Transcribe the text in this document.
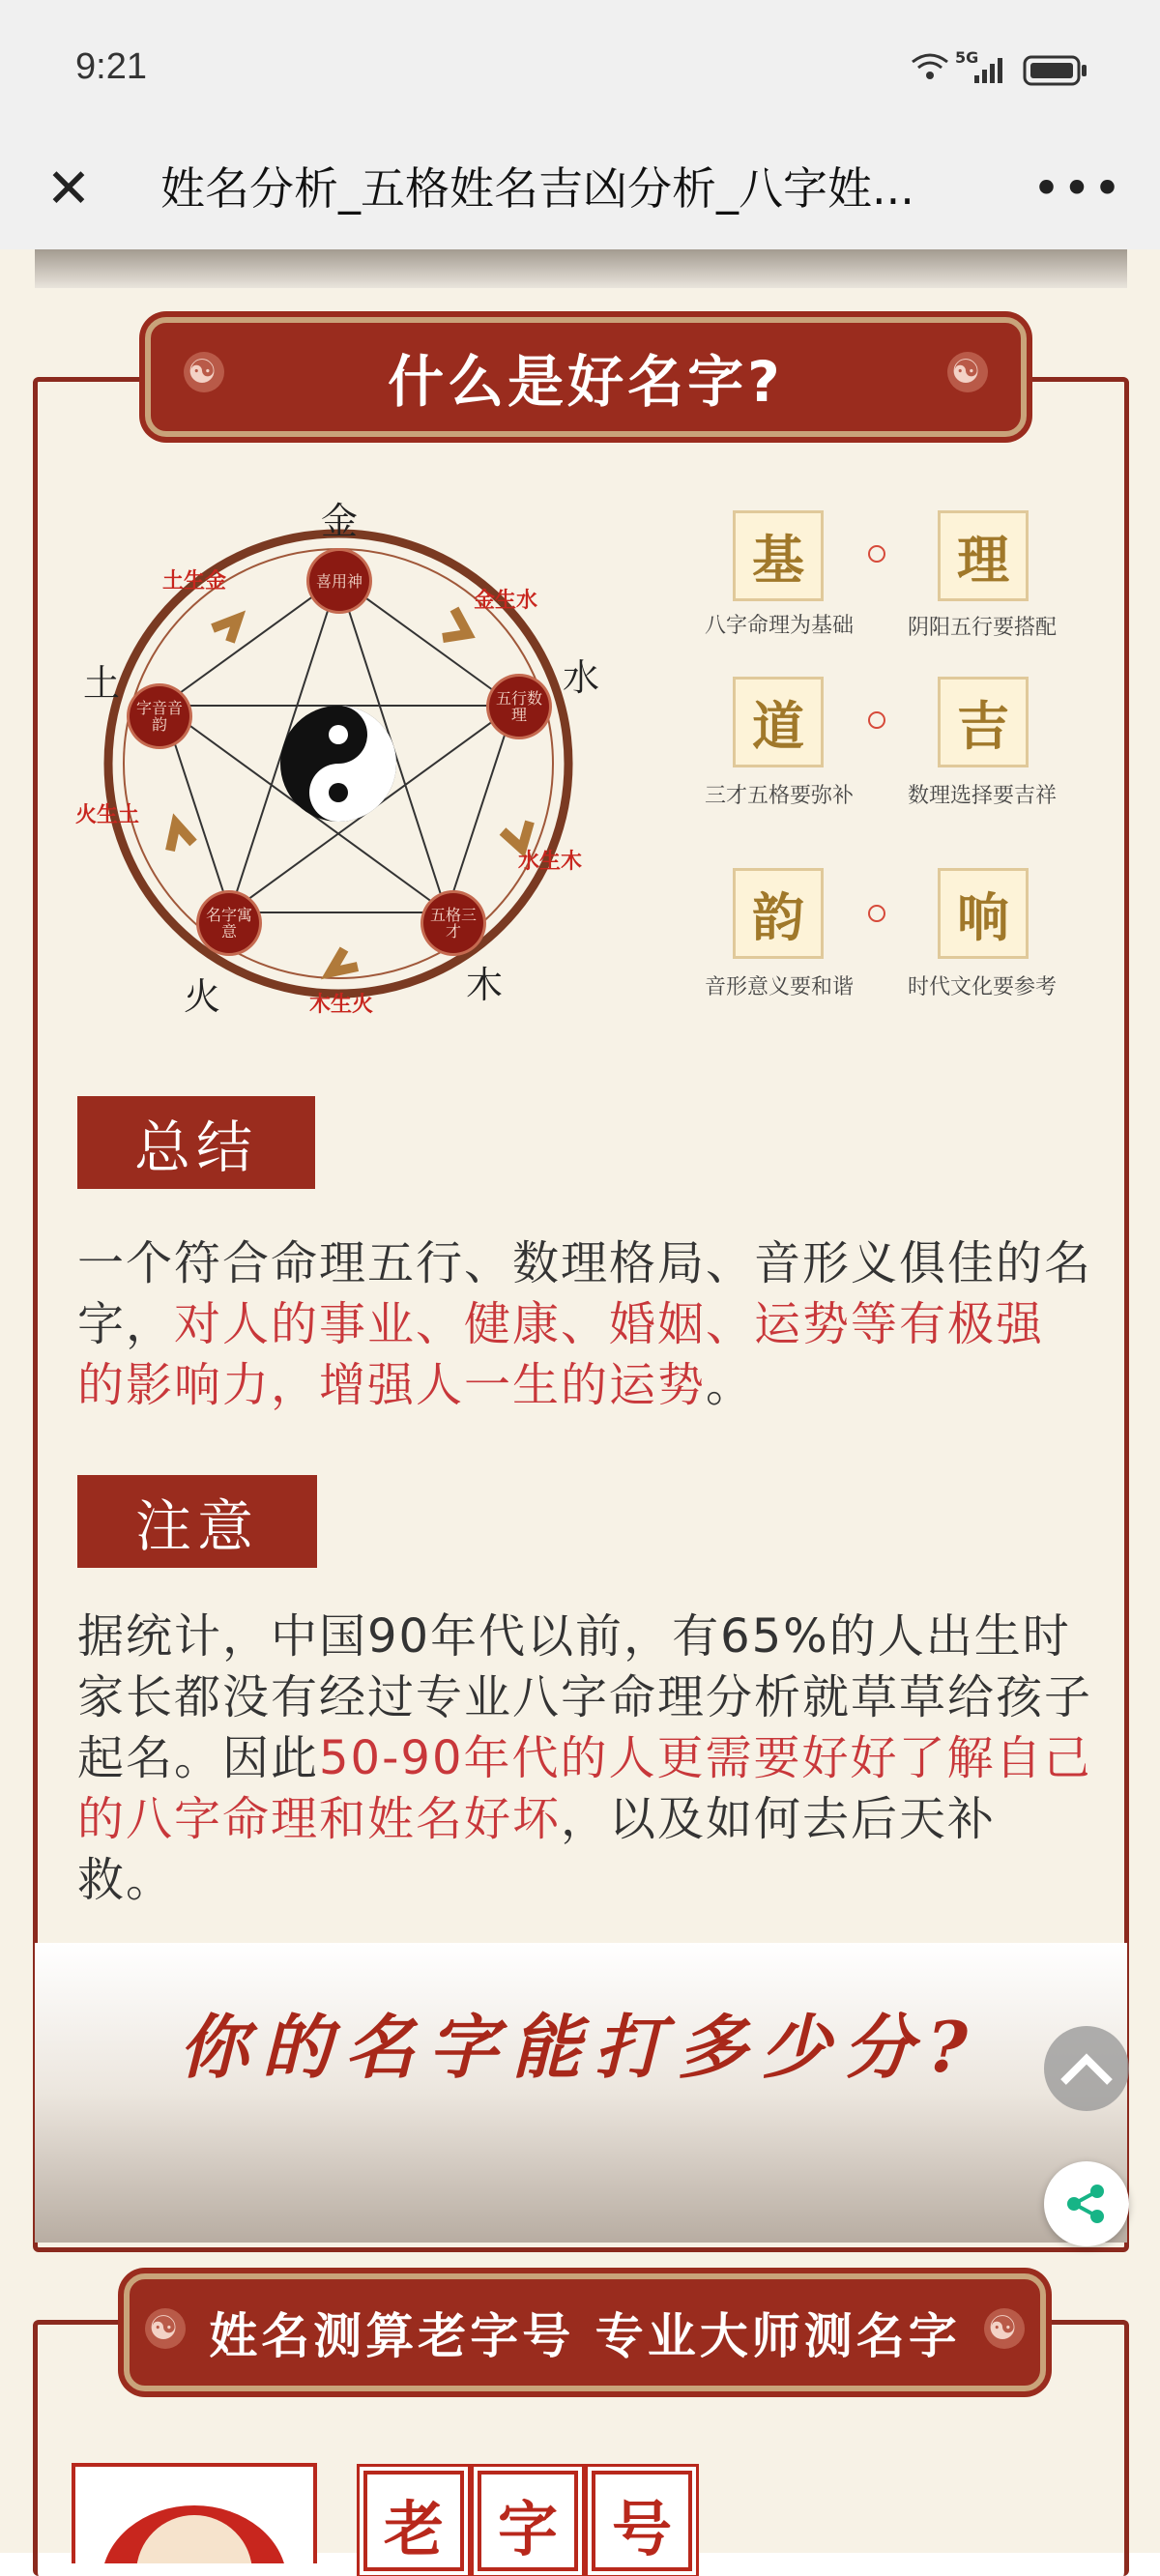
9:21	5G
✕ 姓名分析_五格姓名吉凶分析_八字姓...	•••
☯	什么是好名字?	☯
金
水
木
火
土
土生金
金生水
水生木
木生火
火生土
喜用神
五行数理
五格三才
名字寓意
字音音韵
基	理
八字命理为基础	阴阳五行要搭配
道	吉
三才五格要弥补	数理选择要吉祥
韵	响
音形意义要和谐	时代文化要参考
总结
一个符合命理五行、数理格局、音形义俱佳的名字，对人的事业、健康、婚姻、运势等有极强的影响力，增强人一生的运势。
注意
据统计，中国90年代以前，有65%的人出生时家长都没有经过专业八字命理分析就草草给孩子起名。因此50-90年代的人更需要好好了解自己的八字命理和姓名好坏，以及如何去后天补救。
你的名字能打多少分?
☯ 姓名测算老字号 专业大师测名字 ☯
老 字 号
